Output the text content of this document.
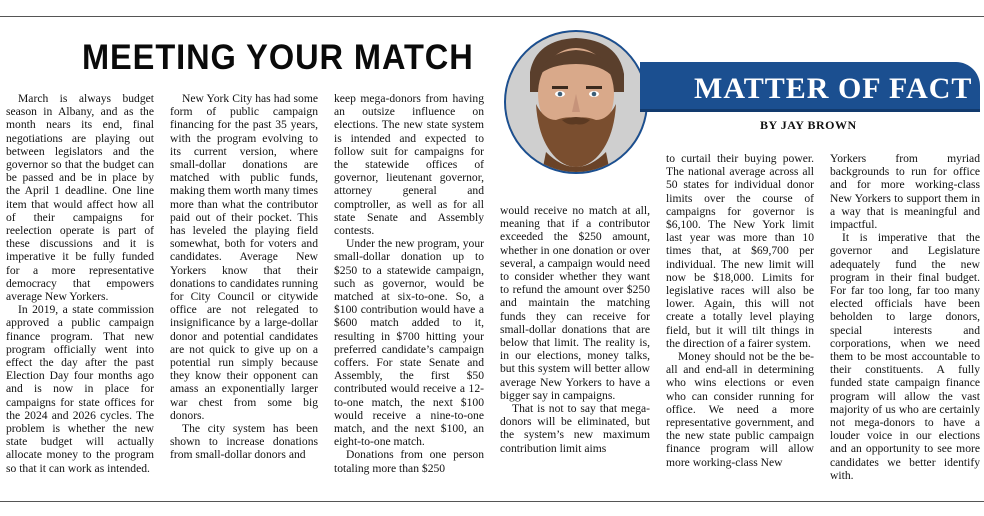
MEETING YOUR MATCH
MATTER OF FACT
BY JAY BROWN

March is always budget season in Albany, and as the month nears its end, final negotiations are playing out between legislators and the governor so that the budget can be passed and be in place by the April 1 deadline. One line item that would affect how all of their campaigns for reelection operate is part of these discussions and it is imperative it be fully funded for a more representative democracy that empowers average New Yorkers.

In 2019, a state commission approved a public campaign finance program. That new program officially went into effect the day after the past Election Day four months ago and is now in place for campaigns for state offices for the 2024 and 2026 cycles. The problem is whether the new state budget will actually allocate money to the program so that it can work as intended.

New York City has had some form of public campaign financing for the past 35 years, with the program evolving to its current version, where small-dollar donations are matched with public funds, making them worth many times more than what the contributor paid out of their pocket. This has leveled the playing field somewhat, both for voters and candidates. Average New Yorkers know that their donations to candidates running for City Council or citywide office are not relegated to insignificance by a large-dollar donor and potential candidates are not quick to give up on a potential run simply because they know their opponent can amass an exponentially larger war chest from some big donors.

The city system has been shown to increase donations from small-dollar donors and

keep mega-donors from having an outsize influence on elections. The new state system is intended and expected to follow suit for campaigns for the statewide offices of governor, lieutenant governor, attorney general and comptroller, as well as for all state Senate and Assembly contests.

Under the new program, your small-dollar donation up to $250 to a statewide campaign, such as governor, would be matched at six-to-one. So, a $100 contribution would have a $600 match added to it, resulting in $700 hitting your preferred candidate’s campaign coffers. For state Senate and Assembly, the first $50 contributed would receive a 12-to-one match, the next $100 would receive a nine-to-one match, and the next $100, an eight-to-one match.

Donations from one person totaling more than $250

would receive no match at all, meaning that if a contributor exceeded the $250 amount, whether in one donation or over several, a campaign would need to consider whether they want to refund the amount over $250 and maintain the matching funds they can receive for small-dollar donations that are below that limit. The reality is, in our elections, money talks, but this system will better allow average New Yorkers to have a bigger say in campaigns.

That is not to say that mega-donors will be eliminated, but the system’s new maximum contribution limit aims

to curtail their buying power. The national average across all 50 states for individual donor limits over the course of campaigns for governor is $6,100. The New York limit last year was more than 10 times that, at $69,700 per individual. The new limit will now be $18,000. Limits for legislative races will also be lower. Again, this will not create a totally level playing field, but it will tilt things in the direction of a fairer system.

Money should not be the be-all and end-all in determining who wins elections or even who can consider running for office. We need a more representative government, and the new state public campaign finance program will allow more working-class New

Yorkers from myriad backgrounds to run for office and for more working-class New Yorkers to support them in a way that is meaningful and impactful.

It is imperative that the governor and Legislature adequately fund the new program in their final budget. For far too long, far too many elected officials have been beholden to large donors, special interests and corporations, when we need them to be most accountable to their constituents. A fully funded state campaign finance program will allow the vast majority of us who are certainly not mega-donors to have a louder voice in our elections and an opportunity to see more candidates we better identify with.
